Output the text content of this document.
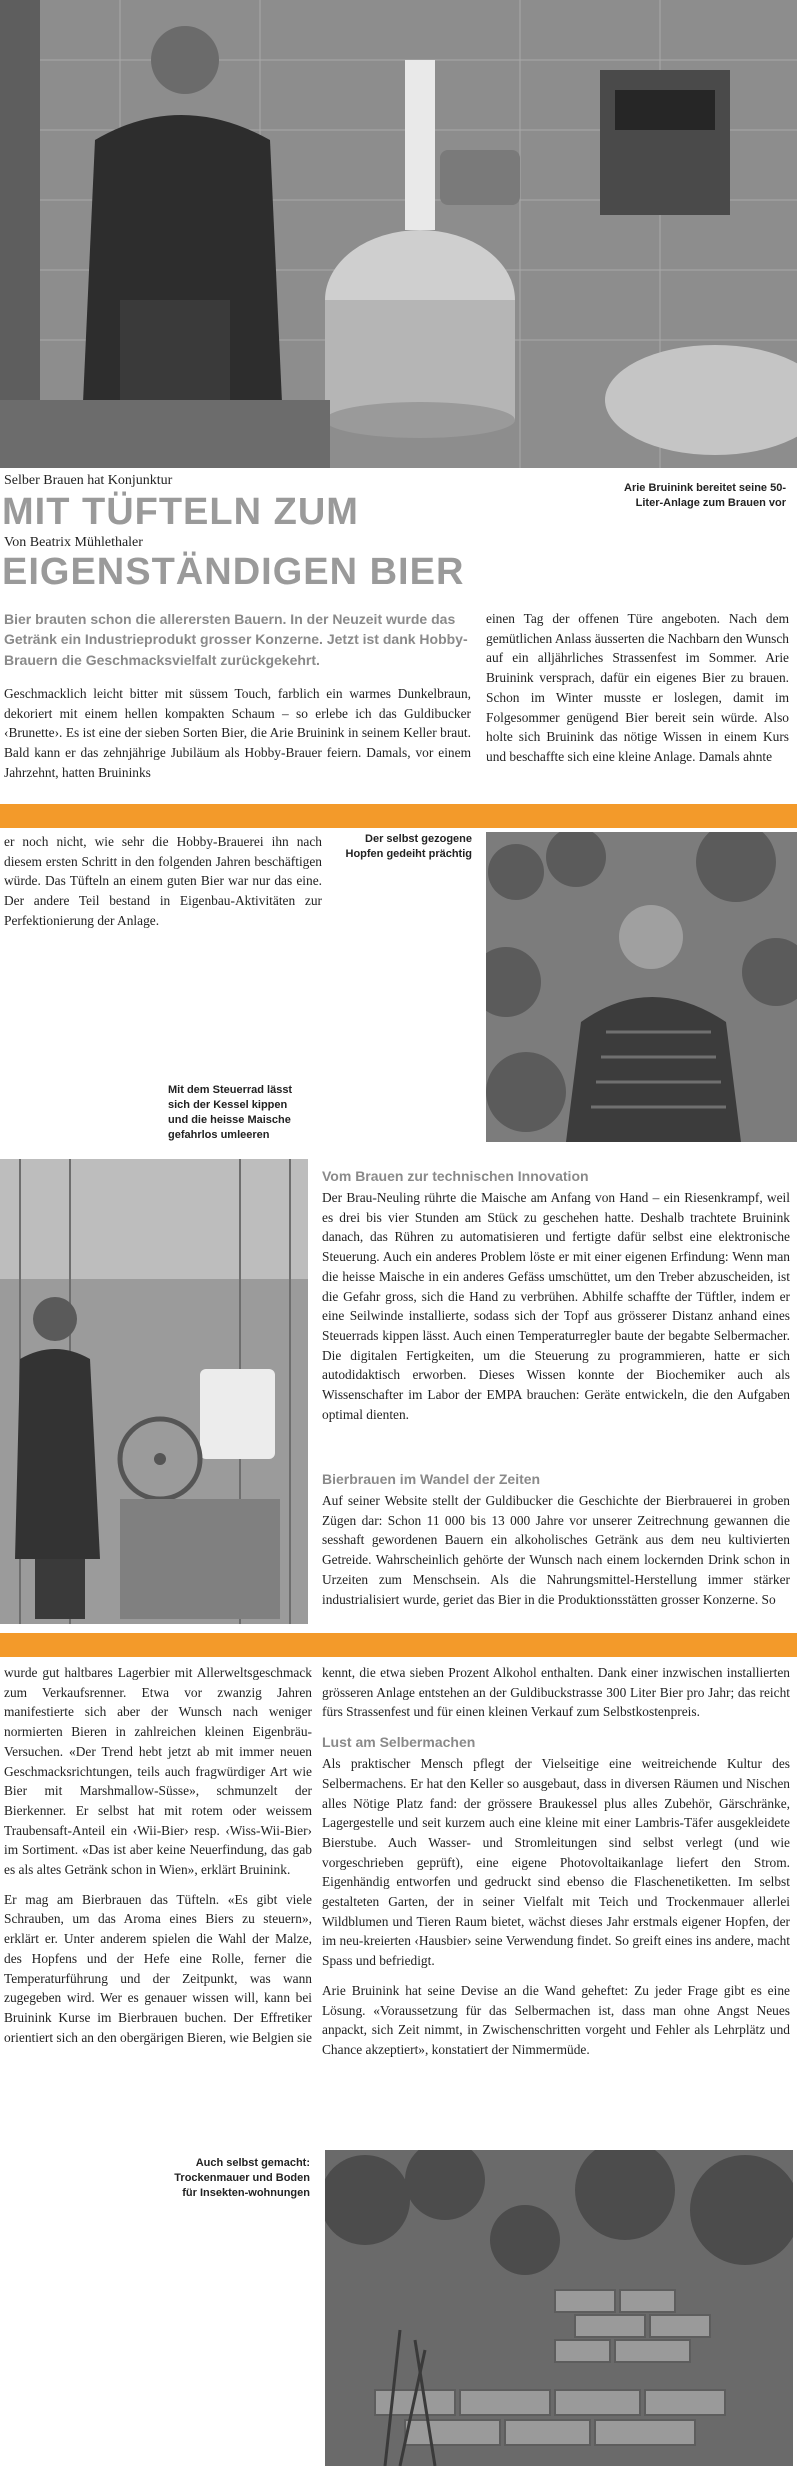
Selber Brauen hat Konjunktur
MIT TÜFTELN ZUM
Von Beatrix Mühlethaler
EIGENSTÄNDIGEN BIER
Arie Bruinink bereitet seine 50-Liter-Anlage zum Brauen vor
Bier brauten schon die allerersten Bauern. In der Neuzeit wurde das Getränk ein Industrieprodukt grosser Konzerne. Jetzt ist dank Hobby-Brauern die Geschmacksvielfalt zurückgekehrt.

Geschmacklich leicht bitter mit süssem Touch, farblich ein warmes Dunkelbraun, dekoriert mit einem hellen kompakten Schaum – so erlebe ich das Guldibucker ‹Brunette›. Es ist eine der sieben Sorten Bier, die Arie Bruinink in seinem Keller braut. Bald kann er das zehnjährige Jubiläum als Hobby-Brauer feiern. Damals, vor einem Jahrzehnt, hatten Bruininks

einen Tag der offenen Türe angeboten. Nach dem gemütlichen Anlass äusserten die Nachbarn den Wunsch auf ein alljährliches Strassenfest im Sommer. Arie Bruinink versprach, dafür ein eigenes Bier zu brauen. Schon im Winter musste er loslegen, damit im Folgesommer genügend Bier bereit sein würde. Also holte sich Bruinink das nötige Wissen in einem Kurs und beschaffte sich eine kleine Anlage. Damals ahnte

er noch nicht, wie sehr die Hobby-Brauerei ihn nach diesem ersten Schritt in den folgenden Jahren beschäftigen würde. Das Tüfteln an einem guten Bier war nur das eine. Der andere Teil bestand in Eigenbau-Aktivitäten zur Perfektionierung der Anlage.

Der selbst gezogene Hopfen gedeiht prächtig
Mit dem Steuerrad lässt sich der Kessel kippen und die heisse Maische gefahrlos umleeren
Vom Brauen zur technischen Innovation

Der Brau-Neuling rührte die Maische am Anfang von Hand – ein Riesenkrampf, weil es drei bis vier Stunden am Stück zu geschehen hatte. Deshalb trachtete Bruinink danach, das Rühren zu automatisieren und fertigte dafür selbst eine elektronische Steuerung. Auch ein anderes Problem löste er mit einer eigenen Erfindung: Wenn man die heisse Maische in ein anderes Gefäss umschüttet, um den Treber abzuscheiden, ist die Gefahr gross, sich die Hand zu verbrühen. Abhilfe schaffte der Tüftler, indem er eine Seilwinde installierte, sodass sich der Topf aus grösserer Distanz anhand eines Steuerrads kippen lässt. Auch einen Temperaturregler baute der begabte Selbermacher. Die digitalen Fertigkeiten, um die Steuerung zu programmieren, hatte er sich autodidaktisch erworben. Dieses Wissen konnte der Biochemiker auch als Wissenschafter im Labor der EMPA brauchen: Geräte entwickeln, die den Aufgaben optimal dienten.

Bierbrauen im Wandel der Zeiten

Auf seiner Website stellt der Guldibucker die Geschichte der Bierbrauerei in groben Zügen dar: Schon 11 000 bis 13 000 Jahre vor unserer Zeitrechnung gewannen die sesshaft gewordenen Bauern ein alkoholisches Getränk aus dem neu kultivierten Getreide. Wahrscheinlich gehörte der Wunsch nach einem lockernden Drink schon in Urzeiten zum Menschsein. Als die Nahrungsmittel-Herstellung immer stärker industrialisiert wurde, geriet das Bier in die Produktionsstätten grosser Konzerne. So

wurde gut haltbares Lagerbier mit Allerweltsgeschmack zum Verkaufsrenner. Etwa vor zwanzig Jahren manifestierte sich aber der Wunsch nach weniger normierten Bieren in zahlreichen kleinen Eigenbräu-Versuchen. «Der Trend hebt jetzt ab mit immer neuen Geschmacksrichtungen, teils auch fragwürdiger Art wie Bier mit Marshmallow-Süsse», schmunzelt der Bierkenner. Er selbst hat mit rotem oder weissem Traubensaft-Anteil ein ‹Wii-Bier› resp. ‹Wiss-Wii-Bier› im Sortiment. «Das ist aber keine Neuerfindung, das gab es als altes Getränk schon in Wien», erklärt Bruinink.

Er mag am Bierbrauen das Tüfteln. «Es gibt viele Schrauben, um das Aroma eines Biers zu steuern», erklärt er. Unter anderem spielen die Wahl der Malze, des Hopfens und der Hefe eine Rolle, ferner die Temperaturführung und der Zeitpunkt, was wann zugegeben wird. Wer es genauer wissen will, kann bei Bruinink Kurse im Bierbrauen buchen. Der Effretiker orientiert sich an den obergärigen Bieren, wie Belgien sie

kennt, die etwa sieben Prozent Alkohol enthalten. Dank einer inzwischen installierten grösseren Anlage entstehen an der Guldibuckstrasse 300 Liter Bier pro Jahr; das reicht fürs Strassenfest und für einen kleinen Verkauf zum Selbstkostenpreis.

Lust am Selbermachen

Als praktischer Mensch pflegt der Vielseitige eine weitreichende Kultur des Selbermachens. Er hat den Keller so ausgebaut, dass in diversen Räumen und Nischen alles Nötige Platz fand: der grössere Braukessel plus alles Zubehör, Gärschränke, Lagergestelle und seit kurzem auch eine kleine mit einer Lambris-Täfer ausgekleidete Bierstube. Auch Wasser- und Stromleitungen sind selbst verlegt (und wie vorgeschrieben geprüft), eine eigene Photovoltaikanlage liefert den Strom. Eigenhändig entworfen und gedruckt sind ebenso die Flaschenetiketten. Im selbst gestalteten Garten, der in seiner Vielfalt mit Teich und Trockenmauer allerlei Wildblumen und Tieren Raum bietet, wächst dieses Jahr erstmals eigener Hopfen, der im neu-kreierten ‹Hausbier› seine Verwendung findet. So greift eines ins andere, macht Spass und befriedigt.

Arie Bruinink hat seine Devise an die Wand geheftet: Zu jeder Frage gibt es eine Lösung. «Voraussetzung für das Selbermachen ist, dass man ohne Angst Neues anpackt, sich Zeit nimmt, in Zwischenschritten vorgeht und Fehler als Lehrplätz und Chance akzeptiert», konstatiert der Nimmermüde.

Auch selbst gemacht: Trockenmauer und Boden für Insekten-wohnungen
